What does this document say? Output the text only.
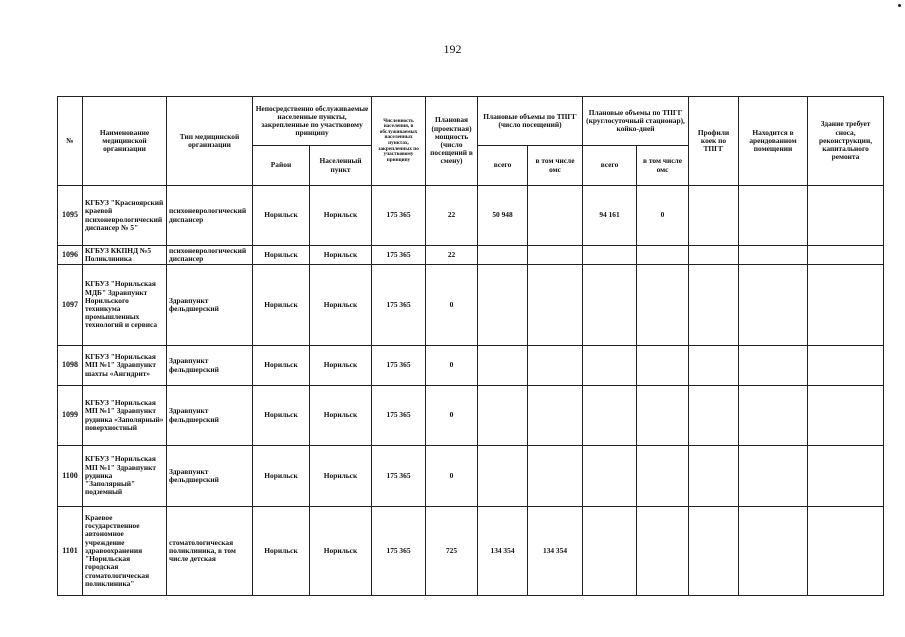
192
№	Наименование медицинской организации	Тип медицинской организации	Непосредственно обслуживаемые населенные пункты, закрепленные по участковому принципу		Численность населения, в обслуживаемых населенных пунктах, закрепленных по участковому принципу	Плановая (проектная) мощность (число посещений в смену)	Плановые объемы по ТПГГ (число посещений)		Плановые объемы по ТПГГ (круглосуточный стационар), койко-дней		Профили коек по ТПГГ	Находится в арендованном помещении	Здание требует сноса, реконструкции, капитального ремонта
			Район	Населенный пункт			всего	в том числе омс	всего	в том числе омс			
1095	КГБУЗ "Красноярский краевой психоневрологический диспансер № 5"	психоневрологический диспансер	Норильск	Норильск	175 365	22	50 948		94 161	0			
1096	КГБУЗ ККПНД №5 Поликлиника	психоневрологический диспансер	Норильск	Норильск	175 365	22							
1097	КГБУЗ "Норильская МДБ" Здравпункт Норильского техникума промышленных технологий и сервиса	Здравпункт фельдшерский	Норильск	Норильск	175 365	0							
1098	КГБУЗ "Норильская МП №1" Здравпункт шахты «Ангидрит»	Здравпункт фельдшерский	Норильск	Норильск	175 365	0							
1099	КГБУЗ "Норильская МП №1" Здравпункт рудника «Заполярный» поверхностный	Здравпункт фельдшерский	Норильск	Норильск	175 365	0							
1100	КГБУЗ "Норильская МП №1" Здравпункт рудника "Заполярный" подземный	Здравпункт фельдшерский	Норильск	Норильск	175 365	0							
1101	Краевое государственное автономное учреждение здравоохранения "Норильская городская стоматологическая поликлиника"	стоматологическая поликлиника, в том числе детская	Норильск	Норильск	175 365	725	134 354	134 354					
